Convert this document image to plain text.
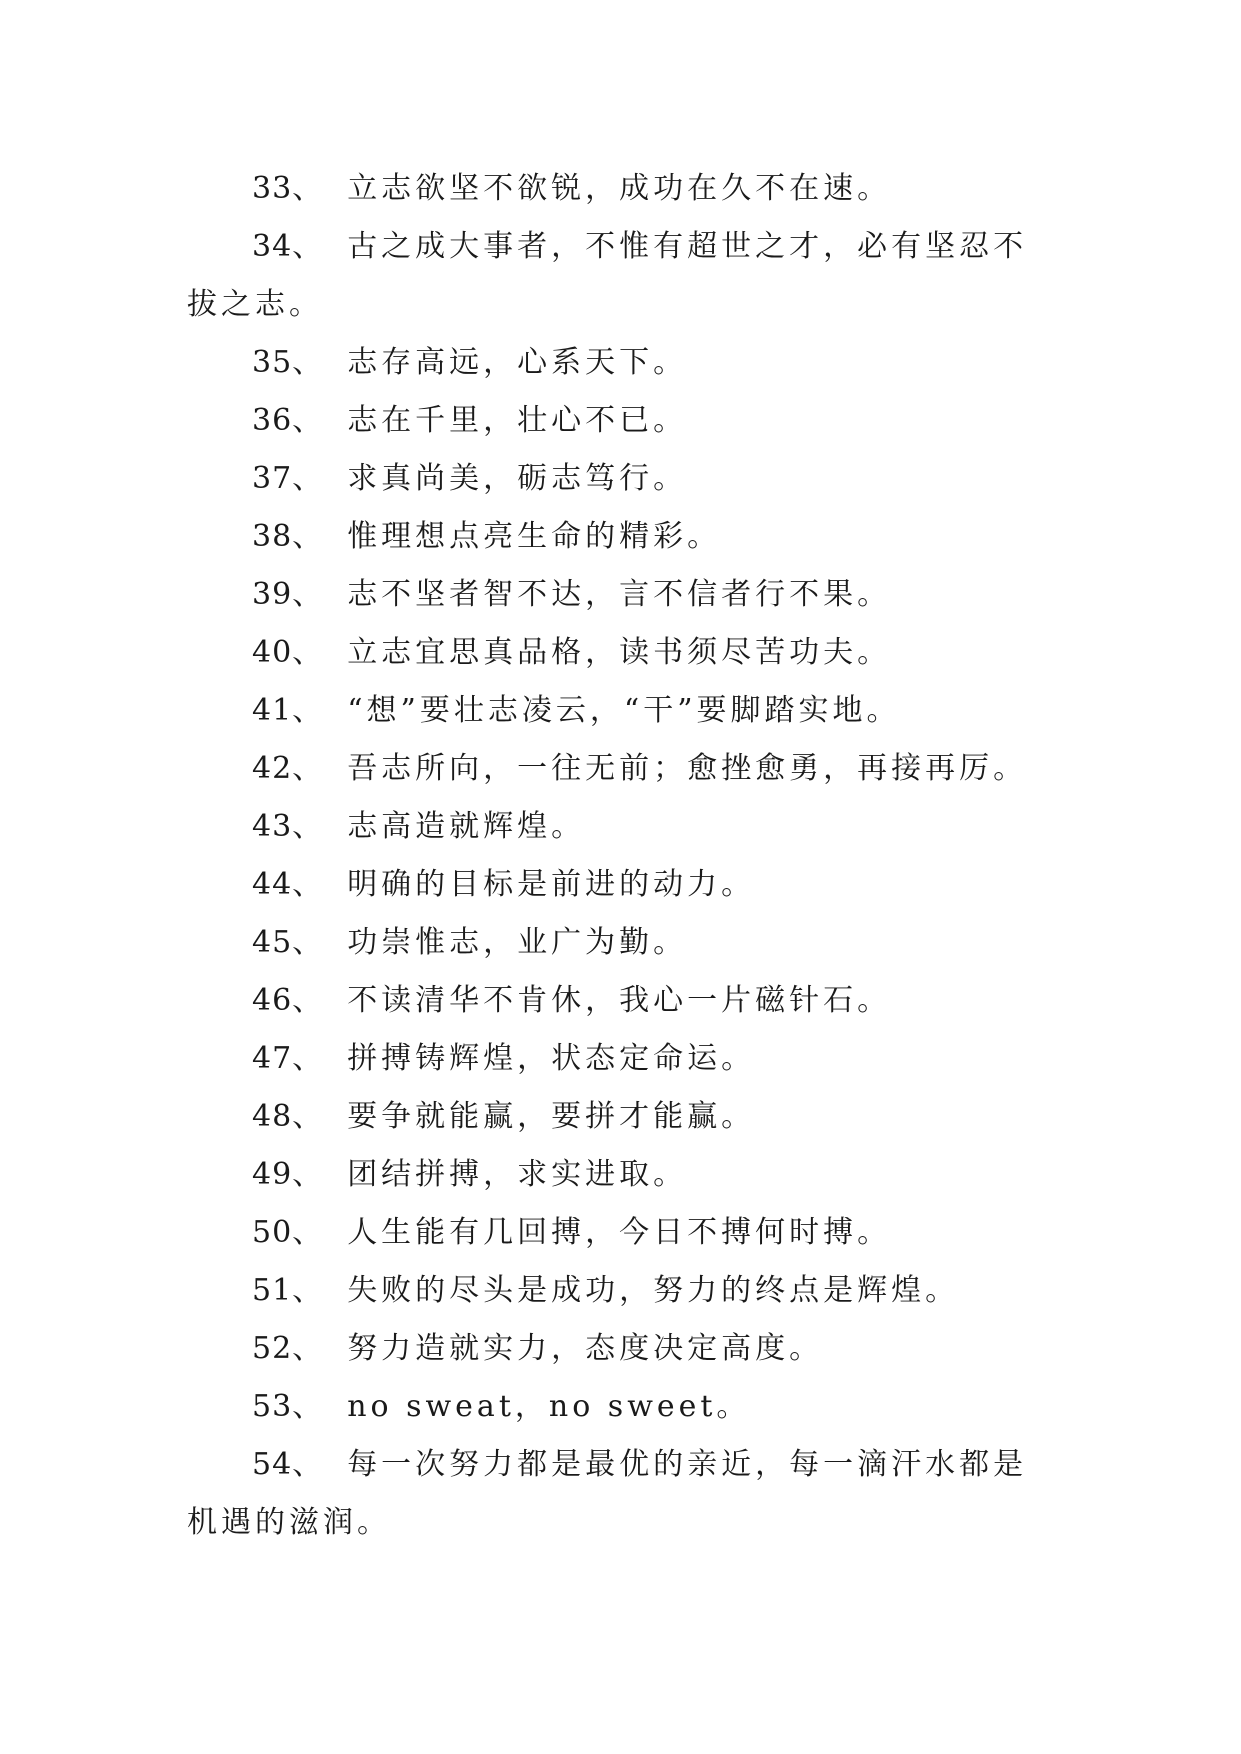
33、 立志欲坚不欲锐，成功在久不在速。

34、 古之成大事者，不惟有超世之才，必有坚忍不拔之志。

35、 志存高远，心系天下。

36、 志在千里，壮心不已。

37、 求真尚美，砺志笃行。

38、 惟理想点亮生命的精彩。

39、 志不坚者智不达，言不信者行不果。

40、 立志宜思真品格，读书须尽苦功夫。

41、 “想”要壮志凌云，“干”要脚踏实地。

42、 吾志所向，一往无前；愈挫愈勇，再接再厉。

43、 志高造就辉煌。

44、 明确的目标是前进的动力。

45、 功崇惟志，业广为勤。

46、 不读清华不肯休，我心一片磁针石。

47、 拼搏铸辉煌，状态定命运。

48、 要争就能赢，要拼才能赢。

49、 团结拼搏，求实进取。

50、 人生能有几回搏，今日不搏何时搏。

51、 失败的尽头是成功，努力的终点是辉煌。

52、 努力造就实力，态度决定高度。

53、 no sweat，no sweet。

54、 每一次努力都是最优的亲近，每一滴汗水都是机遇的滋润。
